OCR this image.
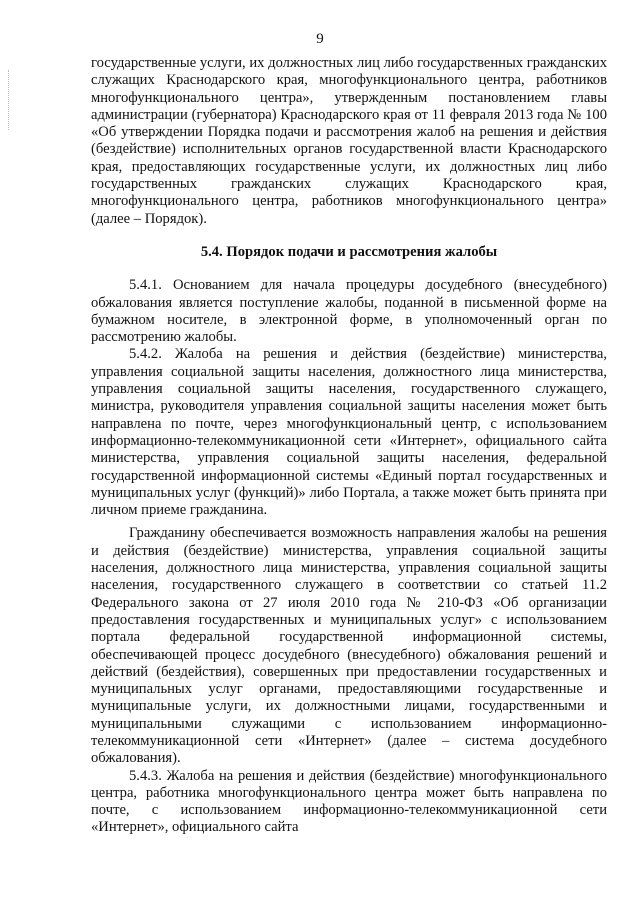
9

государственные услуги, их должностных лиц либо государственных гражданских служащих Краснодарского края, многофункционального центра, работников многофункционального центра», утвержденным постановлением главы администрации (губернатора) Краснодарского края от 11 февраля 2013 года № 100 «Об утверждении Порядка подачи и рассмотрения жалоб на решения и действия (бездействие) исполнительных органов государственной власти Краснодарского края, предоставляющих государственные услуги, их должностных лиц либо государственных гражданских служащих Краснодарского края, многофункционального центра, работников многофункционального центра» (далее – Порядок).

5.4. Порядок подачи и рассмотрения жалобы

5.4.1. Основанием для начала процедуры досудебного (внесудебного) обжалования является поступление жалобы, поданной в письменной форме на бумажном носителе, в электронной форме, в уполномоченный орган по рассмотрению жалобы.

5.4.2. Жалоба на решения и действия (бездействие) министерства, управления социальной защиты населения, должностного лица министерства, управления социальной защиты населения, государственного служащего, министра, руководителя управления социальной защиты населения может быть направлена по почте, через многофункциональный центр, с использованием информационно-телекоммуникационной сети «Интернет», официального сайта министерства, управления социальной защиты населения, федеральной государственной информационной системы «Единый портал государственных и муниципальных услуг (функций)» либо Портала, а также может быть принята при личном приеме гражданина.

Гражданину обеспечивается возможность направления жалобы на решения и действия (бездействие) министерства, управления социальной защиты населения, должностного лица министерства, управления социальной защиты населения, государственного служащего в соответствии со статьей 11.2 Федерального закона от 27 июля 2010 года № 210-ФЗ «Об организации предоставления государственных и муниципальных услуг» с использованием портала федеральной государственной информационной системы, обеспечивающей процесс досудебного (внесудебного) обжалования решений и действий (бездействия), совершенных при предоставлении государственных и муниципальных услуг органами, предоставляющими государственные и муниципальные услуги, их должностными лицами, государственными и муниципальными служащими с использованием информационно-телекоммуникационной сети «Интернет» (далее – система досудебного обжалования).

5.4.3. Жалоба на решения и действия (бездействие) многофункционального центра, работника многофункционального центра может быть направлена по почте, с использованием информационно-телекоммуникационной сети «Интернет», официального сайта
